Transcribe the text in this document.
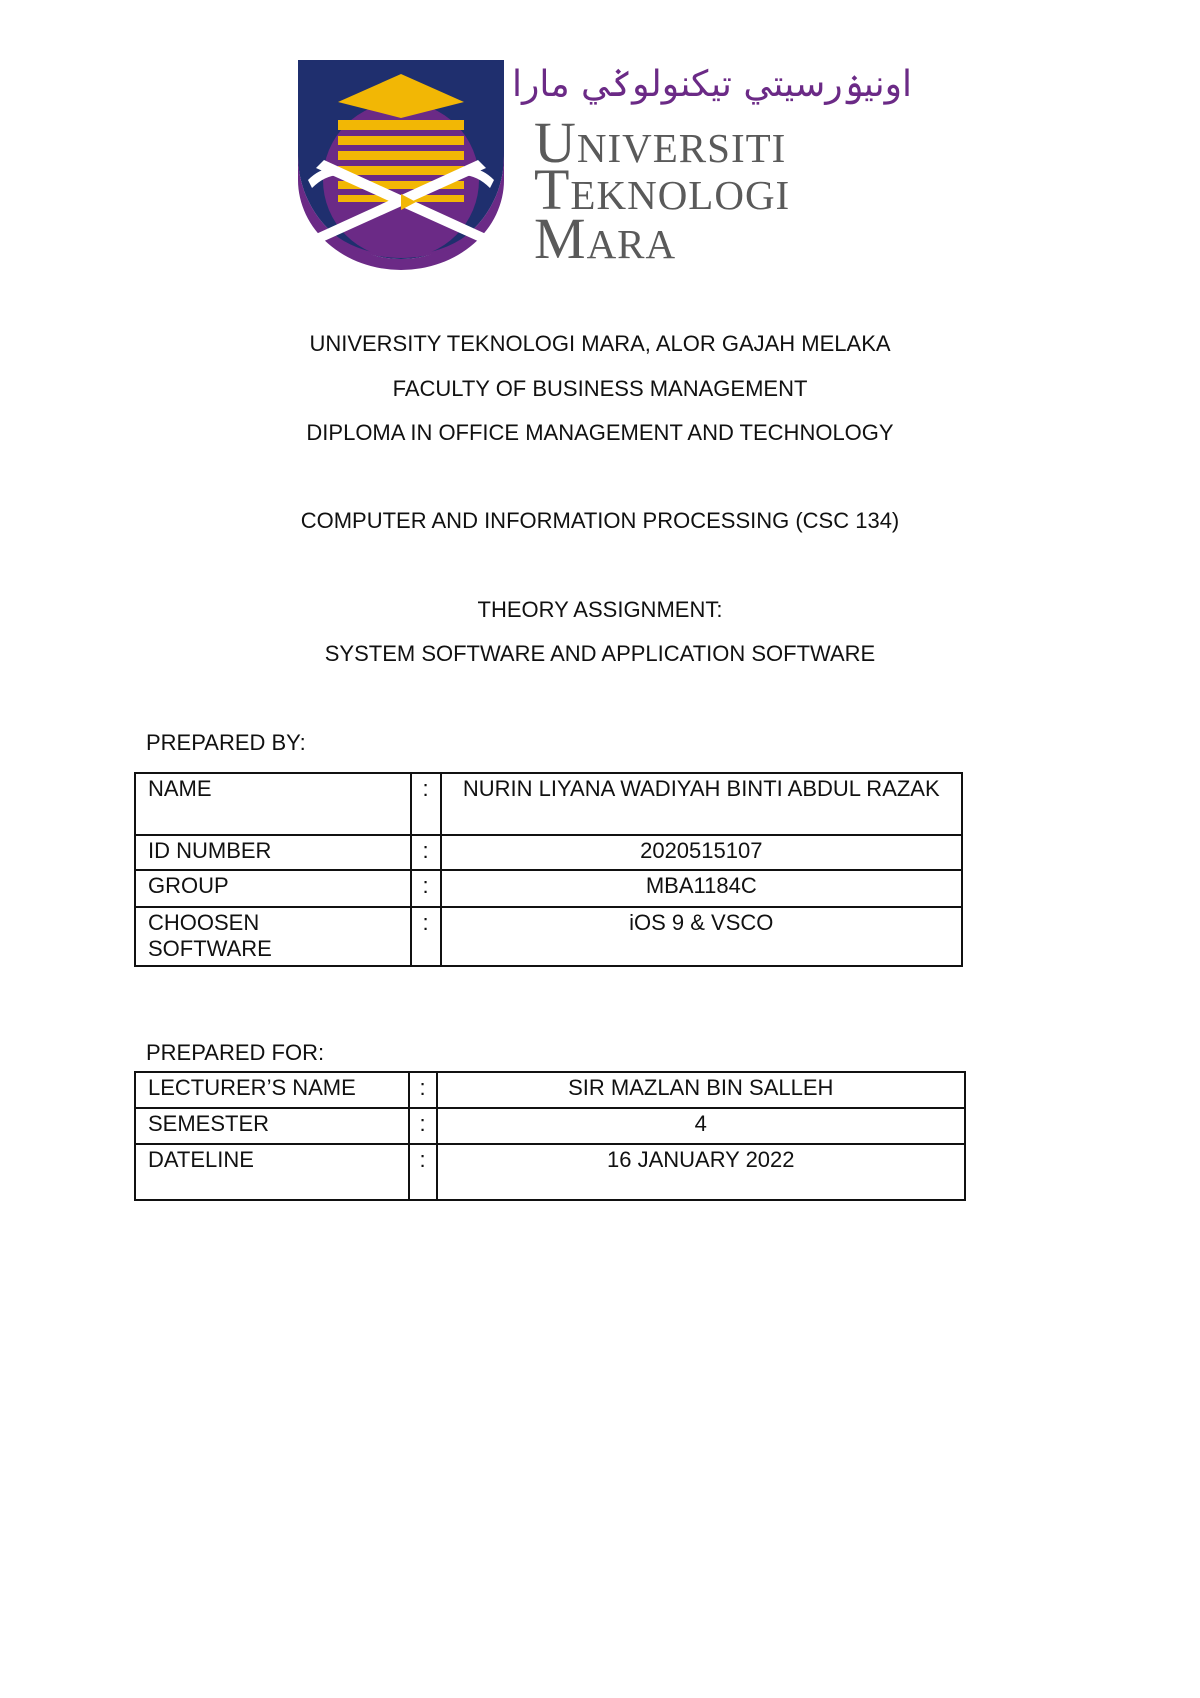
اونيۏرسيتي تيكنولوݢي مارا
Universiti
Teknologi
Mara
UNIVERSITY TEKNOLOGI MARA, ALOR GAJAH MELAKA
FACULTY OF BUSINESS MANAGEMENT
DIPLOMA IN OFFICE MANAGEMENT AND TECHNOLOGY
COMPUTER AND INFORMATION PROCESSING (CSC 134)
THEORY ASSIGNMENT:
SYSTEM SOFTWARE AND APPLICATION SOFTWARE
PREPARED BY:
NAME	:	NURIN LIYANA WADIYAH BINTI ABDUL RAZAK
ID NUMBER	:	2020515107
GROUP	:	MBA1184C
CHOOSEN SOFTWARE	:	iOS 9 & VSCO
PREPARED FOR:
LECTURER’S NAME	:	SIR MAZLAN BIN SALLEH
SEMESTER	:	4
DATELINE	:	16 JANUARY 2022
